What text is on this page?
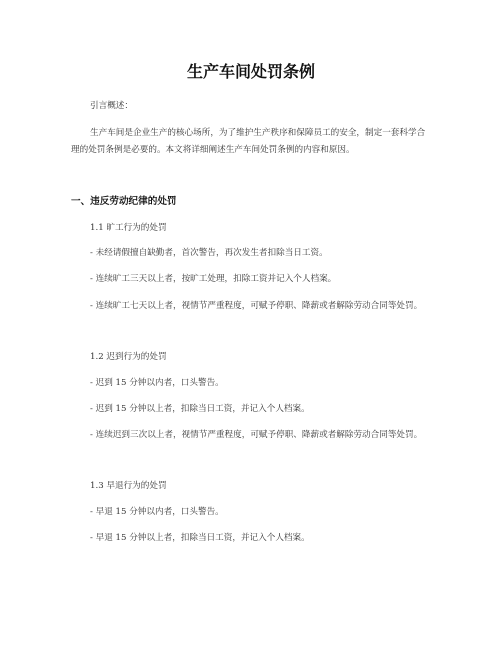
生产车间处罚条例
引言概述：
生产车间是企业生产的核心场所，为了维护生产秩序和保障员工的安全，制定一套科学合理的处罚条例是必要的。本文将详细阐述生产车间处罚条例的内容和原因。
一、违反劳动纪律的处罚
1.1 旷工行为的处罚
- 未经请假擅自缺勤者，首次警告，再次发生者扣除当日工资。
- 连续旷工三天以上者，按旷工处理，扣除工资并记入个人档案。
- 连续旷工七天以上者，视情节严重程度，可赋予停职、降薪或者解除劳动合同等处罚。
1.2 迟到行为的处罚
- 迟到 15 分钟以内者，口头警告。
- 迟到 15 分钟以上者，扣除当日工资，并记入个人档案。
- 连续迟到三次以上者，视情节严重程度，可赋予停职、降薪或者解除劳动合同等处罚。
1.3 早退行为的处罚
- 早退 15 分钟以内者，口头警告。
- 早退 15 分钟以上者，扣除当日工资，并记入个人档案。
